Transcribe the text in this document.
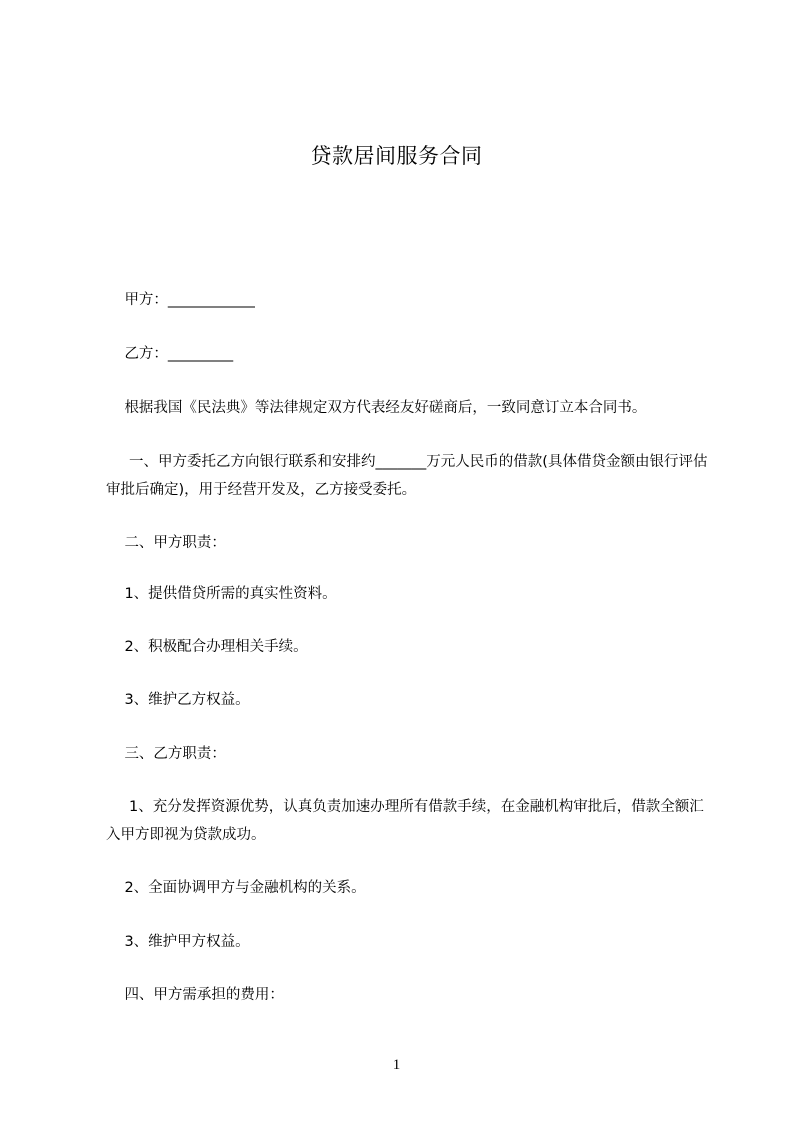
贷款居间服务合同
甲方：____________
乙方：_________
根据我国《民法典》等法律规定双方代表经友好磋商后，一致同意订立本合同书。
一、甲方委托乙方向银行联系和安排约_______万元人民币的借款(具体借贷金额由银行评估审批后确定)，用于经营开发及，乙方接受委托。
二、甲方职责：
1、提供借贷所需的真实性资料。
2、积极配合办理相关手续。
3、维护乙方权益。
三、乙方职责：
1、充分发挥资源优势，认真负责加速办理所有借款手续，在金融机构审批后，借款全额汇入甲方即视为贷款成功。
2、全面协调甲方与金融机构的关系。
3、维护甲方权益。
四、甲方需承担的费用：
1
